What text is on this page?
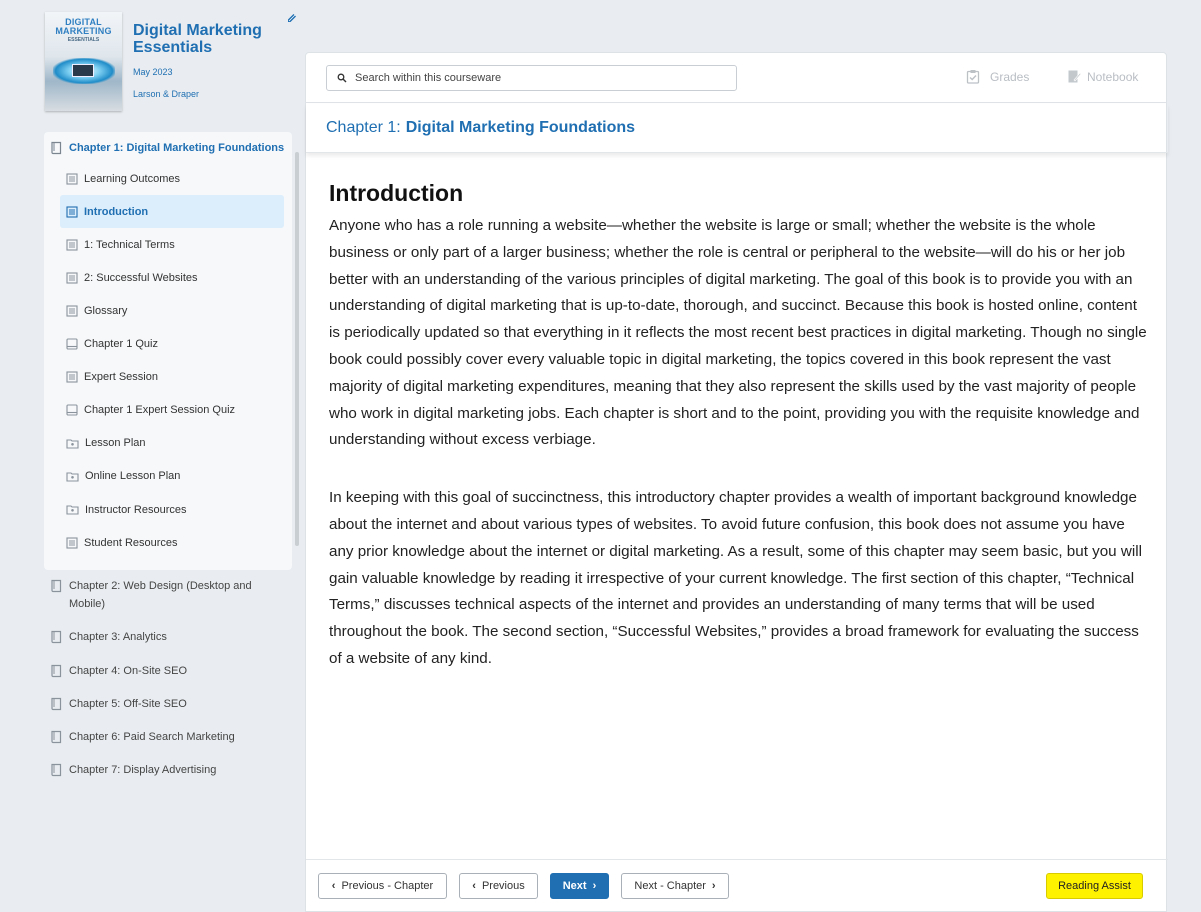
DIGITAL MARKETING
ESSENTIALS
Digital Marketing Essentials
May 2023
Larson & Draper
Chapter 1: Digital Marketing Foundations
Learning Outcomes
Introduction
1: Technical Terms
2: Successful Websites
Glossary
Chapter 1 Quiz
Expert Session
Chapter 1 Expert Session Quiz
Lesson Plan
Online Lesson Plan
Instructor Resources
Student Resources
Chapter 2: Web Design (Desktop and Mobile)
Chapter 3: Analytics
Chapter 4: On-Site SEO
Chapter 5: Off-Site SEO
Chapter 6: Paid Search Marketing
Chapter 7: Display Advertising
Search within this courseware
Grades	Notebook
Chapter 1: Digital Marketing Foundations
Introduction

Anyone who has a role running a website—whether the website is large or small; whether the website is the whole business or only part of a larger business; whether the role is central or peripheral to the website—will do his or her job better with an understanding of the various principles of digital marketing. The goal of this book is to provide you with an understanding of digital marketing that is up-to-date, thorough, and succinct. Because this book is hosted online, content is periodically updated so that everything in it reflects the most recent best practices in digital marketing. Though no single book could possibly cover every valuable topic in digital marketing, the topics covered in this book represent the vast majority of digital marketing expenditures, meaning that they also represent the skills used by the vast majority of people who work in digital marketing jobs. Each chapter is short and to the point, providing you with the requisite knowledge and understanding without excess verbiage.

In keeping with this goal of succinctness, this introductory chapter provides a wealth of important background knowledge about the internet and about various types of websites. To avoid future confusion, this book does not assume you have any prior knowledge about the internet or digital marketing. As a result, some of this chapter may seem basic, but you will gain valuable knowledge by reading it irrespective of your current knowledge. The first section of this chapter, “Technical Terms,” discusses technical aspects of the internet and provides an understanding of many terms that will be used throughout the book. The second section, “Successful Websites,” provides a broad framework for evaluating the success of a website of any kind.

‹ Previous - Chapter	‹ Previous	Next ›	Next - Chapter ›	Reading Assist
